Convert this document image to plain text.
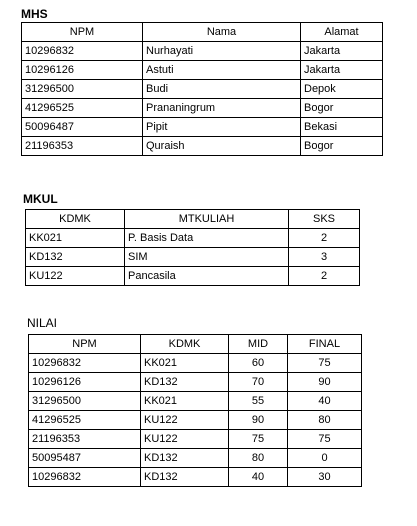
MHS
NPM	Nama	Alamat
10296832	Nurhayati	Jakarta
10296126	Astuti	Jakarta
31296500	Budi	Depok
41296525	Prananingrum	Bogor
50096487	Pipit	Bekasi
21196353	Quraish	Bogor
MKUL
KDMK	MTKULIAH	SKS
KK021	P. Basis Data	2
KD132	SIM	3
KU122	Pancasila	2
NILAI
NPM	KDMK	MID	FINAL
10296832	KK021	60	75
10296126	KD132	70	90
31296500	KK021	55	40
41296525	KU122	90	80
21196353	KU122	75	75
50095487	KD132	80	0
10296832	KD132	40	30
